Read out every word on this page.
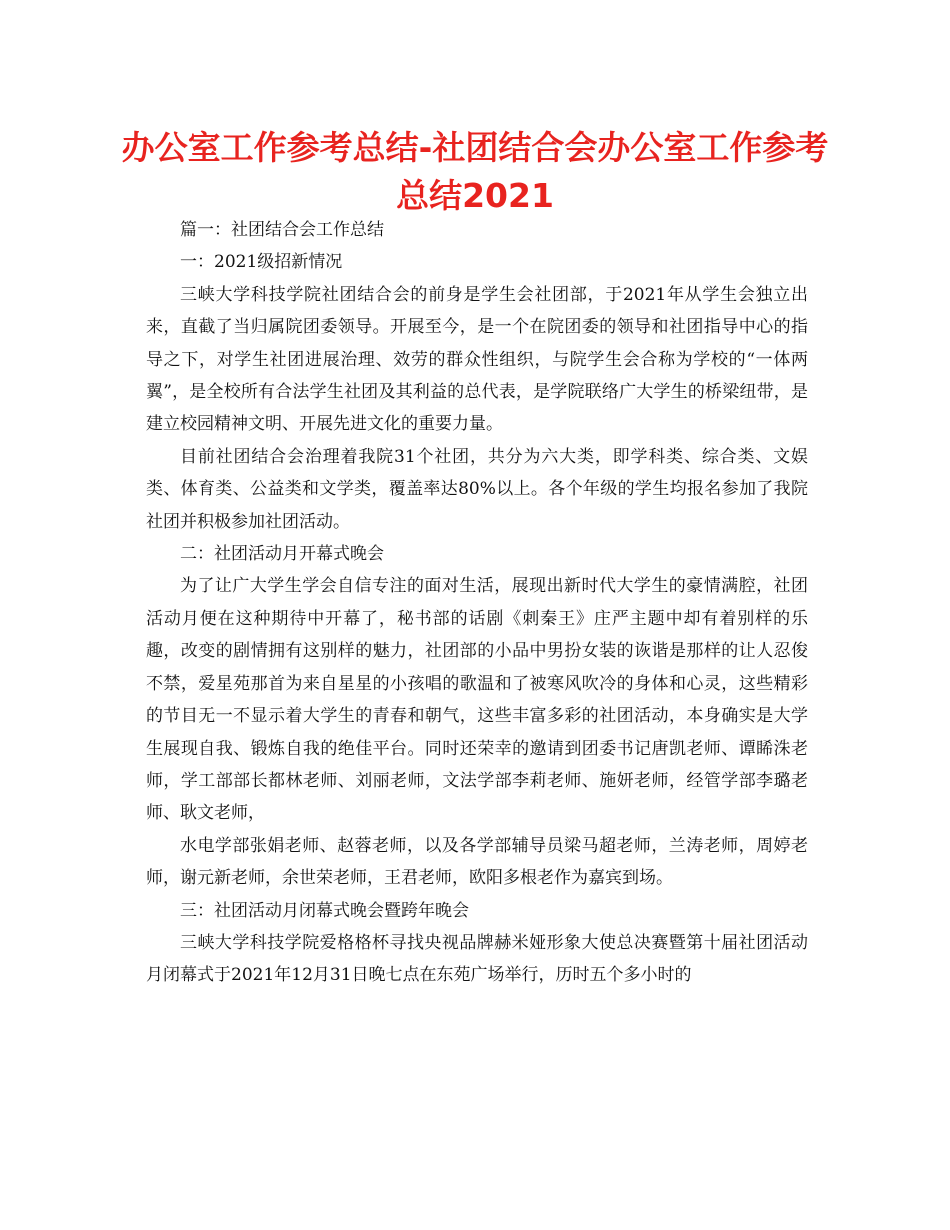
办公室工作参考总结-社团结合会办公室工作参考总结2021

篇一：社团结合会工作总结

一：2021级招新情况

三峡大学科技学院社团结合会的前身是学生会社团部，于2021年从学生会独立出来，直截了当归属院团委领导。开展至今，是一个在院团委的领导和社团指导中心的指导之下，对学生社团进展治理、效劳的群众性组织，与院学生会合称为学校的“一体两翼”，是全校所有合法学生社团及其利益的总代表，是学院联络广大学生的桥梁纽带，是建立校园精神文明、开展先进文化的重要力量。

目前社团结合会治理着我院31个社团，共分为六大类，即学科类、综合类、文娱类、体育类、公益类和文学类，覆盖率达80%以上。各个年级的学生均报名参加了我院社团并积极参加社团活动。

二：社团活动月开幕式晚会

为了让广大学生学会自信专注的面对生活，展现出新时代大学生的豪情满腔，社团活动月便在这种期待中开幕了，秘书部的话剧《刺秦王》庄严主题中却有着别样的乐趣，改变的剧情拥有这别样的魅力，社团部的小品中男扮女装的诙谐是那样的让人忍俊不禁，爱星苑那首为来自星星的小孩唱的歌温和了被寒风吹冷的身体和心灵，这些精彩的节目无一不显示着大学生的青春和朝气，这些丰富多彩的社团活动，本身确实是大学生展现自我、锻炼自我的绝佳平台。同时还荣幸的邀请到团委书记唐凯老师、谭睎洙老师，学工部部长都林老师、刘丽老师，文法学部李莉老师、施妍老师，经管学部李璐老师、耿文老师，

水电学部张娟老师、赵蓉老师，以及各学部辅导员梁马超老师，兰涛老师，周婷老师，谢元新老师，余世荣老师，王君老师，欧阳多根老作为嘉宾到场。

三：社团活动月闭幕式晚会暨跨年晚会

三峡大学科技学院爱格格杯寻找央视品牌赫米娅形象大使总决赛暨第十届社团活动月闭幕式于2021年12月31日晚七点在东苑广场举行，历时五个多小时的
